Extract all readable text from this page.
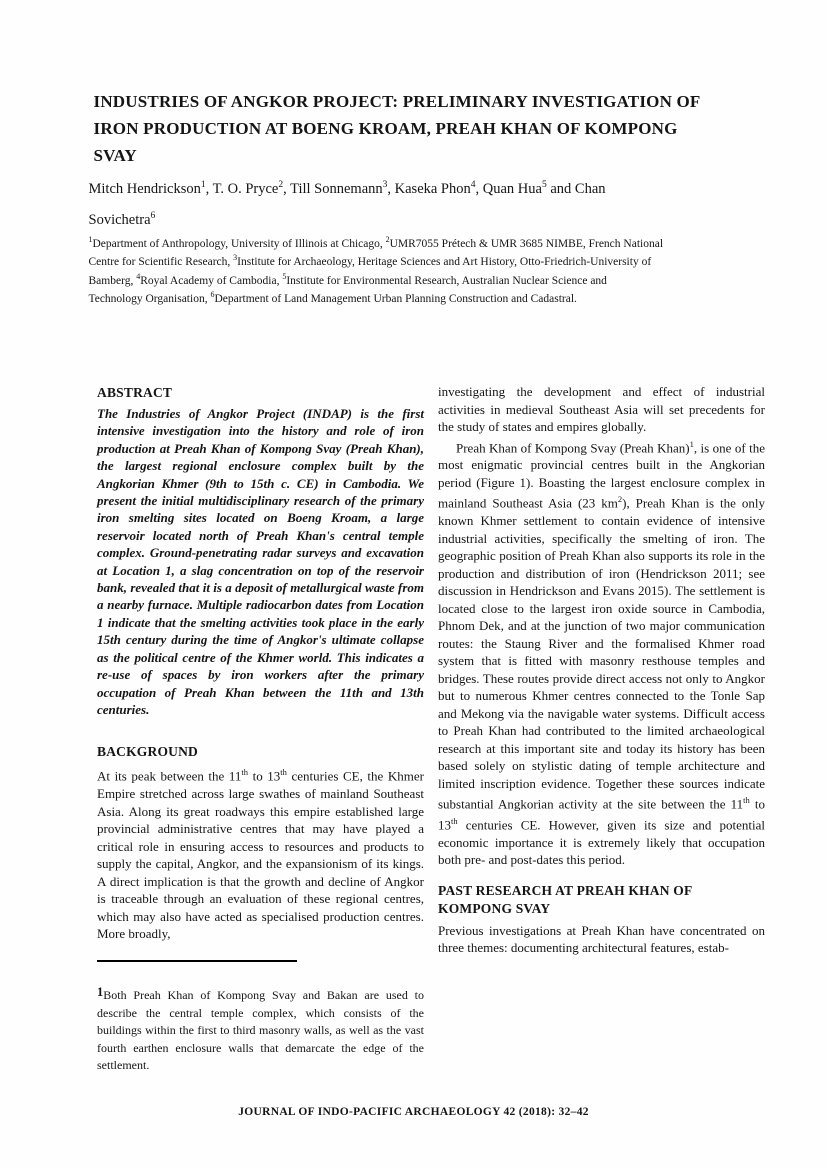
INDUSTRIES OF ANGKOR PROJECT: PRELIMINARY INVESTIGATION OF
IRON PRODUCTION AT BOENG KROAM, PREAH KHAN OF KOMPONG
SVAY
Mitch Hendrickson$^1$, T. O. Pryce$^2$, Till Sonnemann$^3$, Kaseka Phon$^4$, Quan Hua$^5$ and Chan
Sovichetra$^6$
$^1$Department of Anthropology, University of Illinois at Chicago, $^2$UMR7055 Prétech & UMR 3685 NIMBE, French National
Centre for Scientific Research, $^3$Institute for Archaeology, Heritage Sciences and Art History, Otto-Friedrich-University of
Bamberg, $^4$Royal Academy of Cambodia, $^5$Institute for Environmental Research, Australian Nuclear Science and
Technology Organisation, $^6$Department of Land Management Urban Planning Construction and Cadastral.
ABSTRACT

The Industries of Angkor Project (INDAP) is the first intensive investigation into the history and role of iron production at Preah Khan of Kompong Svay (Preah Khan), the largest regional enclosure complex built by the Angkorian Khmer (9th to 15th c. CE) in Cambodia. We present the initial multidisciplinary research of the primary iron smelting sites located on Boeng Kroam, a large reservoir located north of Preah Khan's central temple complex. Ground-penetrating radar surveys and excavation at Location 1, a slag concentration on top of the reservoir bank, revealed that it is a deposit of metallurgical waste from a nearby furnace. Multiple radiocarbon dates from Location 1 indicate that the smelting activities took place in the early 15th century during the time of Angkor's ultimate collapse as the political centre of the Khmer world. This indicates a re-use of spaces by iron workers after the primary occupation of Preah Khan between the 11th and 13th centuries.

BACKGROUND

At its peak between the 11th to 13th centuries CE, the Khmer Empire stretched across large swathes of mainland Southeast Asia. Along its great roadways this empire established large provincial administrative centres that may have played a critical role in ensuring access to resources and products to supply the capital, Angkor, and the expansionism of its kings. A direct implication is that the growth and decline of Angkor is traceable through an evaluation of these regional centres, which may also have acted as specialised production centres. More broadly,

investigating the development and effect of industrial activities in medieval Southeast Asia will set precedents for the study of states and empires globally.

Preah Khan of Kompong Svay (Preah Khan)$^1$, is one of the most enigmatic provincial centres built in the Angkorian period (Figure 1). Boasting the largest enclosure complex in mainland Southeast Asia (23 $km^2$), Preah Khan is the only known Khmer settlement to contain evidence of intensive industrial activities, specifically the smelting of iron. The geographic position of Preah Khan also supports its role in the production and distribution of iron (Hendrickson 2011; see discussion in Hendrickson and Evans 2015). The settlement is located close to the largest iron oxide source in Cambodia, Phnom Dek, and at the junction of two major communication routes: the Staung River and the formalised Khmer road system that is fitted with masonry resthouse temples and bridges. These routes provide direct access not only to Angkor but to numerous Khmer centres connected to the Tonle Sap and Mekong via the navigable water systems. Difficult access to Preah Khan had contributed to the limited archaeological research at this important site and today its history has been based solely on stylistic dating of temple architecture and limited inscription evidence. Together these sources indicate substantial Angkorian activity at the site between the 11th to 13th centuries CE. However, given its size and potential economic importance it is extremely likely that occupation both pre- and post-dates this period.

PAST RESEARCH AT PREAH KHAN OF KOMPONG SVAY

Previous investigations at Preah Khan have concentrated on three themes: documenting architectural features, estab-

$^1$Both Preah Khan of Kompong Svay and Bakan are used to describe the central temple complex, which consists of the buildings within the first to third masonry walls, as well as the vast fourth earthen enclosure walls that demarcate the edge of the settlement.

JOURNAL OF INDO-PACIFIC ARCHAEOLOGY 42 (2018): 32–42
